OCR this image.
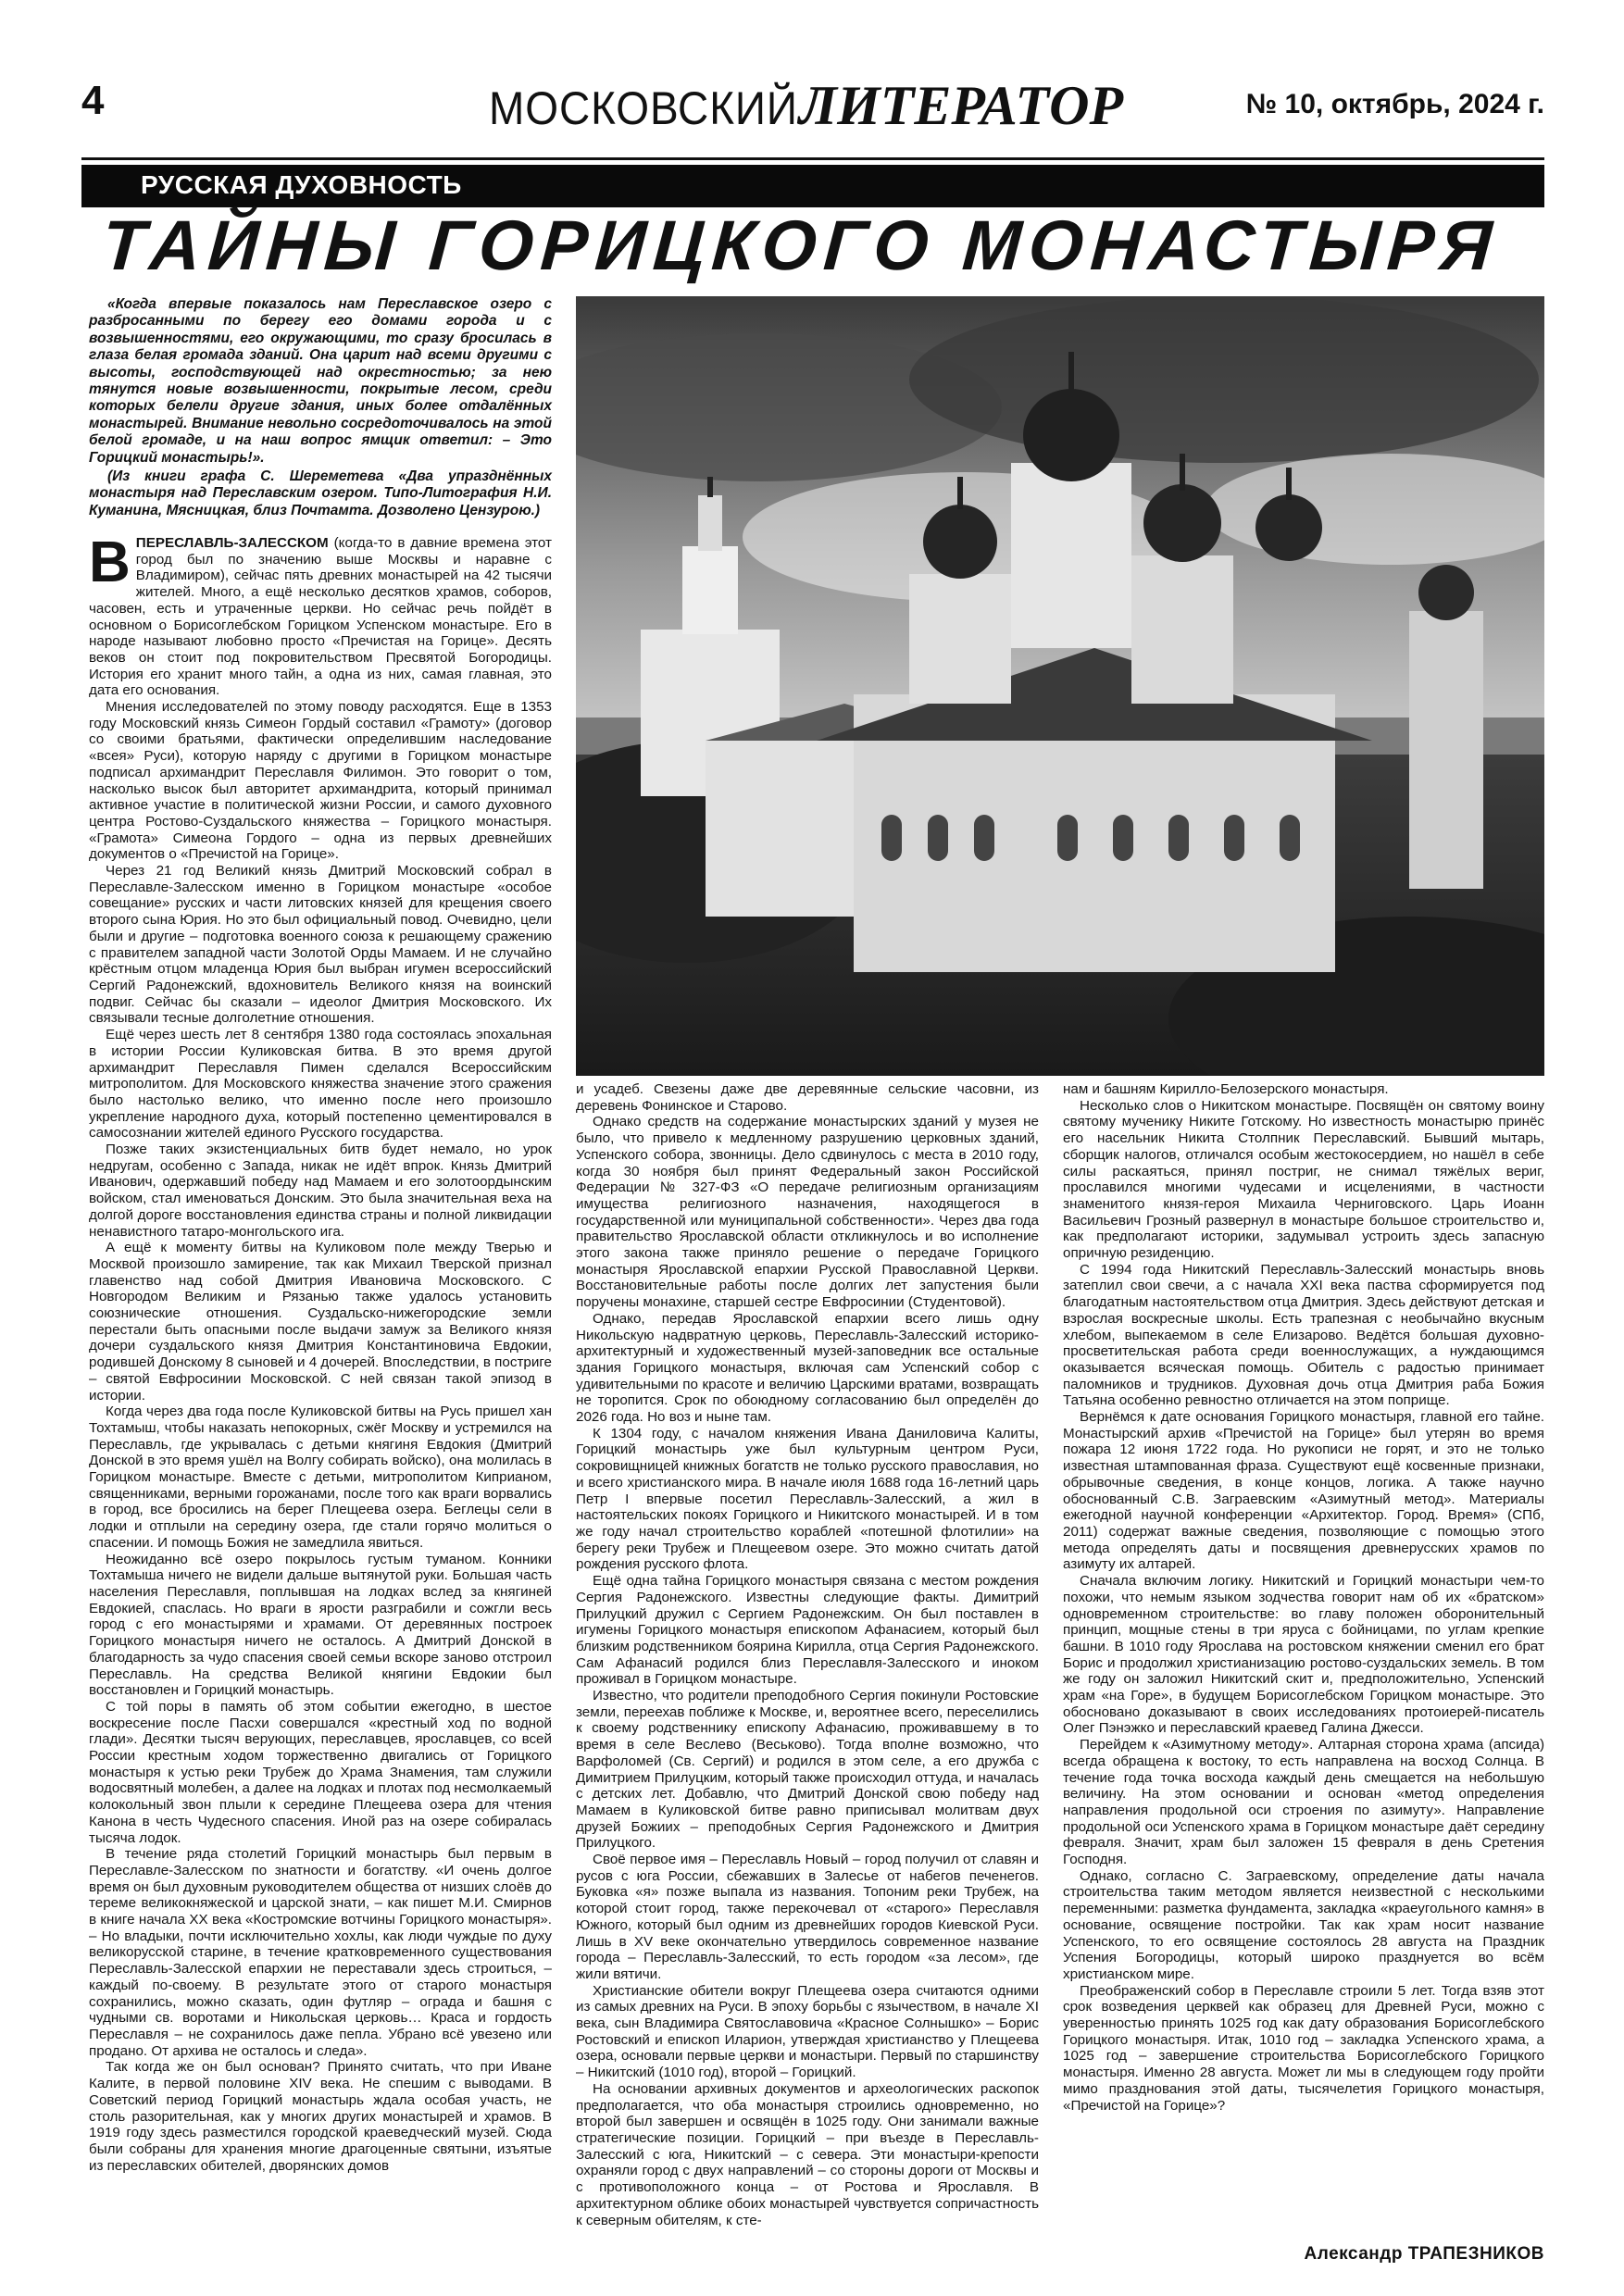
4	МОСКОВСКИЙЛИТЕРАТОР	№ 10, октябрь, 2024 г.
РУССКАЯ ДУХОВНОСТЬ
ТАЙНЫ ГОРИЦКОГО МОНАСТЫРЯ

«Когда впервые показалось нам Переславское озеро с разбросанными по берегу его домами города и с возвышенностями, его окружающими, то сразу бросилась в глаза белая громада зданий. Она царит над всеми другими с высоты, господствующей над окрестностью; за нею тянутся новые возвышенности, покрытые лесом, среди которых белели другие здания, иных более отдалённых монастырей. Внимание невольно сосредоточивалось на этой белой громаде, и на наш вопрос ямщик ответил: – Это Горицкий монастырь!».

(Из книги графа С. Шереметева «Два упразднённых монастыря над Переславским озером. Типо-Литография Н.И. Куманина, Мясницкая, близ Почтамта. Дозволено Цензурою.)

ВПЕРЕСЛАВЛЬ-ЗАЛЕССКОМ (когда-то в давние времена этот город был по значению выше Москвы и наравне с Владимиром), сейчас пять древних монастырей на 42 тысячи жителей. Много, а ещё несколько десятков храмов, соборов, часовен, есть и утраченные церкви. Но сейчас речь пойдёт в основном о Борисоглебском Горицком Успенском монастыре. Его в народе называют любовно просто «Пречистая на Горице». Десять веков он стоит под покровительством Пресвятой Богородицы. История его хранит много тайн, а одна из них, самая главная, это дата его основания.

Мнения исследователей по этому поводу расходятся. Еще в 1353 году Московский князь Симеон Гордый составил «Грамоту» (договор со своими братьями, фактически определившим наследование «всея» Руси), которую наряду с другими в Горицком монастыре подписал архимандрит Переславля Филимон. Это говорит о том, насколько высок был авторитет архимандрита, который принимал активное участие в политической жизни России, и самого духовного центра Ростово-Суздальского княжества – Горицкого монастыря. «Грамота» Симеона Гордого – одна из первых древнейших документов о «Пречистой на Горице».

Через 21 год Великий князь Дмитрий Московский собрал в Переславле-Залесском именно в Горицком монастыре «особое совещание» русских и части литовских князей для крещения своего второго сына Юрия. Но это был официальный повод. Очевидно, цели были и другие – подготовка военного союза к решающему сражению с правителем западной части Золотой Орды Мамаем. И не случайно крёстным отцом младенца Юрия был выбран игумен всероссийский Сергий Радонежский, вдохновитель Великого князя на воинский подвиг. Сейчас бы сказали – идеолог Дмитрия Московского. Их связывали тесные долголетние отношения.

Ещё через шесть лет 8 сентября 1380 года состоялась эпохальная в истории России Куликовская битва. В это время другой архимандрит Переславля Пимен сделался Всероссийским митрополитом. Для Московского княжества значение этого сражения было настолько велико, что именно после него произошло укрепление народного духа, который постепенно цементировался в самосознании жителей единого Русского государства.

Позже таких экзистенциальных битв будет немало, но урок недругам, особенно с Запада, никак не идёт впрок. Князь Дмитрий Иванович, одержавший победу над Мамаем и его золотоордынским войском, стал именоваться Донским. Это была значительная веха на долгой дороге восстановления единства страны и полной ликвидации ненавистного татаро-монгольского ига.

А ещё к моменту битвы на Куликовом поле между Тверью и Москвой произошло замирение, так как Михаил Тверской признал главенство над собой Дмитрия Ивановича Московского. С Новгородом Великим и Рязанью также удалось установить союзнические отношения. Суздальско-нижегородские земли перестали быть опасными после выдачи замуж за Великого князя дочери суздальского князя Дмитрия Константиновича Евдокии, родившей Донскому 8 сыновей и 4 дочерей. Впоследствии, в постриге – святой Евфросинии Московской. С ней связан такой эпизод в истории.

Когда через два года после Куликовской битвы на Русь пришел хан Тохтамыш, чтобы наказать непокорных, сжёг Москву и устремился на Переславль, где укрывалась с детьми княгиня Евдокия (Дмитрий Донской в это время ушёл на Волгу собирать войско), она молилась в Горицком монастыре. Вместе с детьми, митрополитом Киприаном, священниками, верными горожанами, после того как враги ворвались в город, все бросились на берег Плещеева озера. Беглецы сели в лодки и отплыли на середину озера, где стали горячо молиться о спасении. И помощь Божия не замедлила явиться.

Неожиданно всё озеро покрылось густым туманом. Конники Тохтамыша ничего не видели дальше вытянутой руки. Большая часть населения Переславля, поплывшая на лодках вслед за княгиней Евдокией, спаслась. Но враги в ярости разграбили и сожгли весь город с его монастырями и храмами. От деревянных построек Горицкого монастыря ничего не осталось. А Дмитрий Донской в благодарность за чудо спасения своей семьи вскоре заново отстроил Переславль. На средства Великой княгини Евдокии был восстановлен и Горицкий монастырь.

С той поры в память об этом событии ежегодно, в шестое воскресение после Пасхи совершался «крестный ход по водной глади». Десятки тысяч верующих, переславцев, ярославцев, со всей России крестным ходом торжественно двигались от Горицкого монастыря к устью реки Трубеж до Храма Знамения, там служили водосвятный молебен, а далее на лодках и плотах под несмолкаемый колокольный звон плыли к середине Плещеева озера для чтения Канона в честь Чудесного спасения. Иной раз на озере собиралась тысяча лодок.

В течение ряда столетий Горицкий монастырь был первым в Переславле-Залесском по знатности и богатству. «И очень долгое время он был духовным руководителем общества от низших слоёв до тереме великокняжеской и царской знати, – как пишет М.И. Смирнов в книге начала XX века «Костромские вотчины Горицкого монастыря». – Но владыки, почти исключительно хохлы, как люди чуждые по духу великорусской старине, в течение кратковременного существования Переславль-Залесской епархии не переставали здесь строиться, – каждый по-своему. В результате этого от старого монастыря сохранились, можно сказать, один футляр – ограда и башня с чудными св. воротами и Никольская церковь… Краса и гордость Переславля – не сохранилось даже пепла. Убрано всё увезено или продано. От архива не осталось и следа».

Так когда же он был основан? Принято считать, что при Иване Калите, в первой половине XIV века. Не спешим с выводами. В Советский период Горицкий монастырь ждала особая участь, не столь разорительная, как у многих других монастырей и храмов. В 1919 году здесь разместился городской краеведческий музей. Сюда были собраны для хранения многие драгоценные святыни, изъятые из переславских обителей, дворянских домов

и усадеб. Свезены даже две деревянные сельские часовни, из деревень Фонинское и Старово.

Однако средств на содержание монастырских зданий у музея не было, что привело к медленному разрушению церковных зданий, Успенского собора, звонницы. Дело сдвинулось с места в 2010 году, когда 30 ноября был принят Федеральный закон Российской Федерации № 327-ФЗ «О передаче религиозным организациям имущества религиозного назначения, находящегося в государственной или муниципальной собственности». Через два года правительство Ярославской области откликнулось и во исполнение этого закона также приняло решение о передаче Горицкого монастыря Ярославской епархии Русской Православной Церкви. Восстановительные работы после долгих лет запустения были поручены монахине, старшей сестре Евфросинии (Студентовой).

Однако, передав Ярославской епархии всего лишь одну Никольскую надвратную церковь, Переславль-Залесский историко-архитектурный и художественный музей-заповедник все остальные здания Горицкого монастыря, включая сам Успенский собор с удивительными по красоте и величию Царскими вратами, возвращать не торопится. Срок по обоюдному согласованию был определён до 2026 года. Но воз и ныне там.

К 1304 году, с началом княжения Ивана Даниловича Калиты, Горицкий монастырь уже был культурным центром Руси, сокровищницей книжных богатств не только русского православия, но и всего христианского мира. В начале июля 1688 года 16-летний царь Петр I впервые посетил Переславль-Залесский, а жил в настоятельских покоях Горицкого и Никитского монастырей. И в том же году начал строительство кораблей «потешной флотилии» на берегу реки Трубеж и Плещеевом озере. Это можно считать датой рождения русского флота.

Ещё одна тайна Горицкого монастыря связана с местом рождения Сергия Радонежского. Известны следующие факты. Димитрий Прилуцкий дружил с Сергием Радонежским. Он был поставлен в игумены Горицкого монастыря епископом Афанасием, который был близким родственником боярина Кирилла, отца Сергия Радонежского. Сам Афанасий родился близ Переславля-Залесского и иноком проживал в Горицком монастыре.

Известно, что родители преподобного Сергия покинули Ростовские земли, переехав поближе к Москве, и, вероятнее всего, переселились к своему родственнику епископу Афанасию, проживавшему в то время в селе Веслево (Веськово). Тогда вполне возможно, что Варфоломей (Св. Сергий) и родился в этом селе, а его дружба с Димитрием Прилуцким, который также происходил оттуда, и началась с детских лет. Добавлю, что Дмитрий Донской свою победу над Мамаем в Куликовской битве равно приписывал молитвам двух друзей Божиих – преподобных Сергия Радонежского и Дмитрия Прилуцкого.

Своё первое имя – Переславль Новый – город получил от славян и русов с юга России, сбежавших в Залесье от набегов печенегов. Буковка «я» позже выпала из названия. Топоним реки Трубеж, на которой стоит город, также перекочевал от «старого» Переславля Южного, который был одним из древнейших городов Киевской Руси. Лишь в XV веке окончательно утвердилось современное название города – Переславль-Залесский, то есть городом «за лесом», где жили вятичи.

Христианские обители вокруг Плещеева озера считаются одними из самых древних на Руси. В эпоху борьбы с язычеством, в начале XI века, сын Владимира Святославовича «Красное Солнышко» – Борис Ростовский и епископ Иларион, утверждая христианство у Плещеева озера, основали первые церкви и монастыри. Первый по старшинству – Никитский (1010 год), второй – Горицкий.

На основании архивных документов и археологических раскопок предполагается, что оба монастыря строились одновременно, но второй был завершен и освящён в 1025 году. Они занимали важные стратегические позиции. Горицкий – при въезде в Переславль-Залесский с юга, Никитский – с севера. Эти монастыри-крепости охраняли город с двух направлений – со стороны дороги от Москвы и с противоположного конца – от Ростова и Ярославля. В архитектурном облике обоих монастырей чувствуется сопричастность к северным обителям, к сте-

нам и башням Кирилло-Белозерского монастыря.

Несколько слов о Никитском монастыре. Посвящён он святому воину святому мученику Никите Готскому. Но известность монастырю принёс его насельник Никита Столпник Переславский. Бывший мытарь, сборщик налогов, отличался особым жестокосердием, но нашёл в себе силы раскаяться, принял постриг, не снимал тяжёлых вериг, прославился многими чудесами и исцелениями, в частности знаменитого князя-героя Михаила Черниговского. Царь Иоанн Васильевич Грозный развернул в монастыре большое строительство и, как предполагают историки, задумывал устроить здесь запасную опричную резиденцию.

С 1994 года Никитский Переславль-Залесский монастырь вновь затеплил свои свечи, а с начала XXI века паства сформируется под благодатным настоятельством отца Дмитрия. Здесь действуют детская и взрослая воскресные школы. Есть трапезная с необычайно вкусным хлебом, выпекаемом в селе Елизарово. Ведётся большая духовно-просветительская работа среди военнослужащих, а нуждающимся оказывается всяческая помощь. Обитель с радостью принимает паломников и трудников. Духовная дочь отца Дмитрия раба Божия Татьяна особенно ревностно отличается на этом поприще.

Вернёмся к дате основания Горицкого монастыря, главной его тайне. Монастырский архив «Пречистой на Горице» был утерян во время пожара 12 июня 1722 года. Но рукописи не горят, и это не только известная штампованная фраза. Существуют ещё косвенные признаки, обрывочные сведения, в конце концов, логика. А также научно обоснованный С.В. Заграевским «Азимутный метод». Материалы ежегодной научной конференции «Архитектор. Город. Время» (СПб, 2011) содержат важные сведения, позволяющие с помощью этого метода определять даты и посвящения древнерусских храмов по азимуту их алтарей.

Сначала включим логику. Никитский и Горицкий монастыри чем-то похожи, что немым языком зодчества говорит нам об их «братском» одновременном строительстве: во главу положен оборонительный принцип, мощные стены в три яруса с бойницами, по углам крепкие башни. В 1010 году Ярослава на ростовском княжении сменил его брат Борис и продолжил христианизацию ростово-суздальских земель. В том же году он заложил Никитский скит и, предположительно, Успенский храм «на Горе», в будущем Борисоглебском Горицком монастыре. Это обосновано доказывают в своих исследованиях протоиерей-писатель Олег Пэнэжко и переславский краевед Галина Джесси.

Перейдем к «Азимутному методу». Алтарная сторона храма (апсида) всегда обращена к востоку, то есть направлена на восход Солнца. В течение года точка восхода каждый день смещается на небольшую величину. На этом основании и основан «метод определения направления продольной оси строения по азимуту». Направление продольной оси Успенского храма в Горицком монастыре даёт середину февраля. Значит, храм был заложен 15 февраля в день Сретения Господня.

Однако, согласно С. Заграевскому, определение даты начала строительства таким методом является неизвестной с несколькими переменными: разметка фундамента, закладка «краеугольного камня» в основание, освящение постройки. Так как храм носит название Успенского, то его освящение состоялось 28 августа на Праздник Успения Богородицы, который широко празднуется во всём христианском мире.

Преображенский собор в Переславле строили 5 лет. Тогда взяв этот срок возведения церквей как образец для Древней Руси, можно с уверенностью принять 1025 год как дату образования Борисоглебского Горицкого монастыря. Итак, 1010 год – закладка Успенского храма, а 1025 год – завершение строительства Борисоглебского Горицкого монастыря. Именно 28 августа. Может ли мы в следующем году пройти мимо празднования этой даты, тысячелетия Горицкого монастыря, «Пречистой на Горице»?

Александр ТРАПЕЗНИКОВ
